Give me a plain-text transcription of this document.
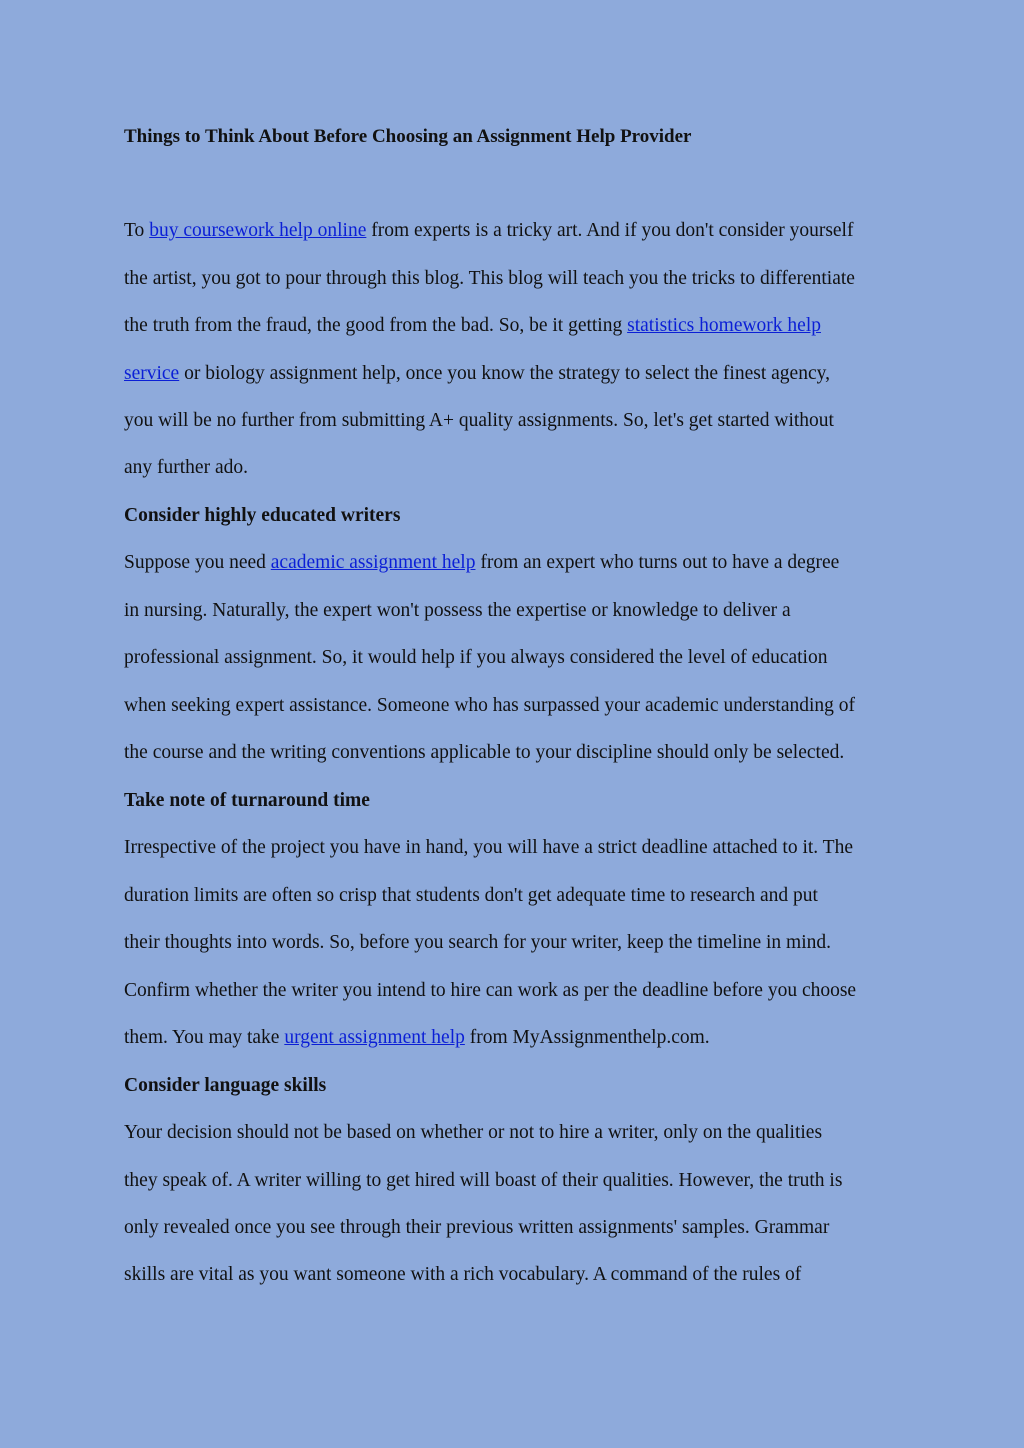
Things to Think About Before Choosing an Assignment Help Provider
To buy coursework help online from experts is a tricky art. And if you don't consider yourself
the artist, you got to pour through this blog. This blog will teach you the tricks to differentiate
the truth from the fraud, the good from the bad. So, be it getting statistics homework help
service or biology assignment help, once you know the strategy to select the finest agency,
you will be no further from submitting A+ quality assignments. So, let's get started without
any further ado.
Consider highly educated writers
Suppose you need academic assignment help from an expert who turns out to have a degree
in nursing. Naturally, the expert won't possess the expertise or knowledge to deliver a
professional assignment. So, it would help if you always considered the level of education
when seeking expert assistance. Someone who has surpassed your academic understanding of
the course and the writing conventions applicable to your discipline should only be selected.
Take note of turnaround time
Irrespective of the project you have in hand, you will have a strict deadline attached to it. The
duration limits are often so crisp that students don't get adequate time to research and put
their thoughts into words. So, before you search for your writer, keep the timeline in mind.
Confirm whether the writer you intend to hire can work as per the deadline before you choose
them. You may take urgent assignment help from MyAssignmenthelp.com.
Consider language skills
Your decision should not be based on whether or not to hire a writer, only on the qualities
they speak of. A writer willing to get hired will boast of their qualities. However, the truth is
only revealed once you see through their previous written assignments' samples. Grammar
skills are vital as you want someone with a rich vocabulary. A command of the rules of
